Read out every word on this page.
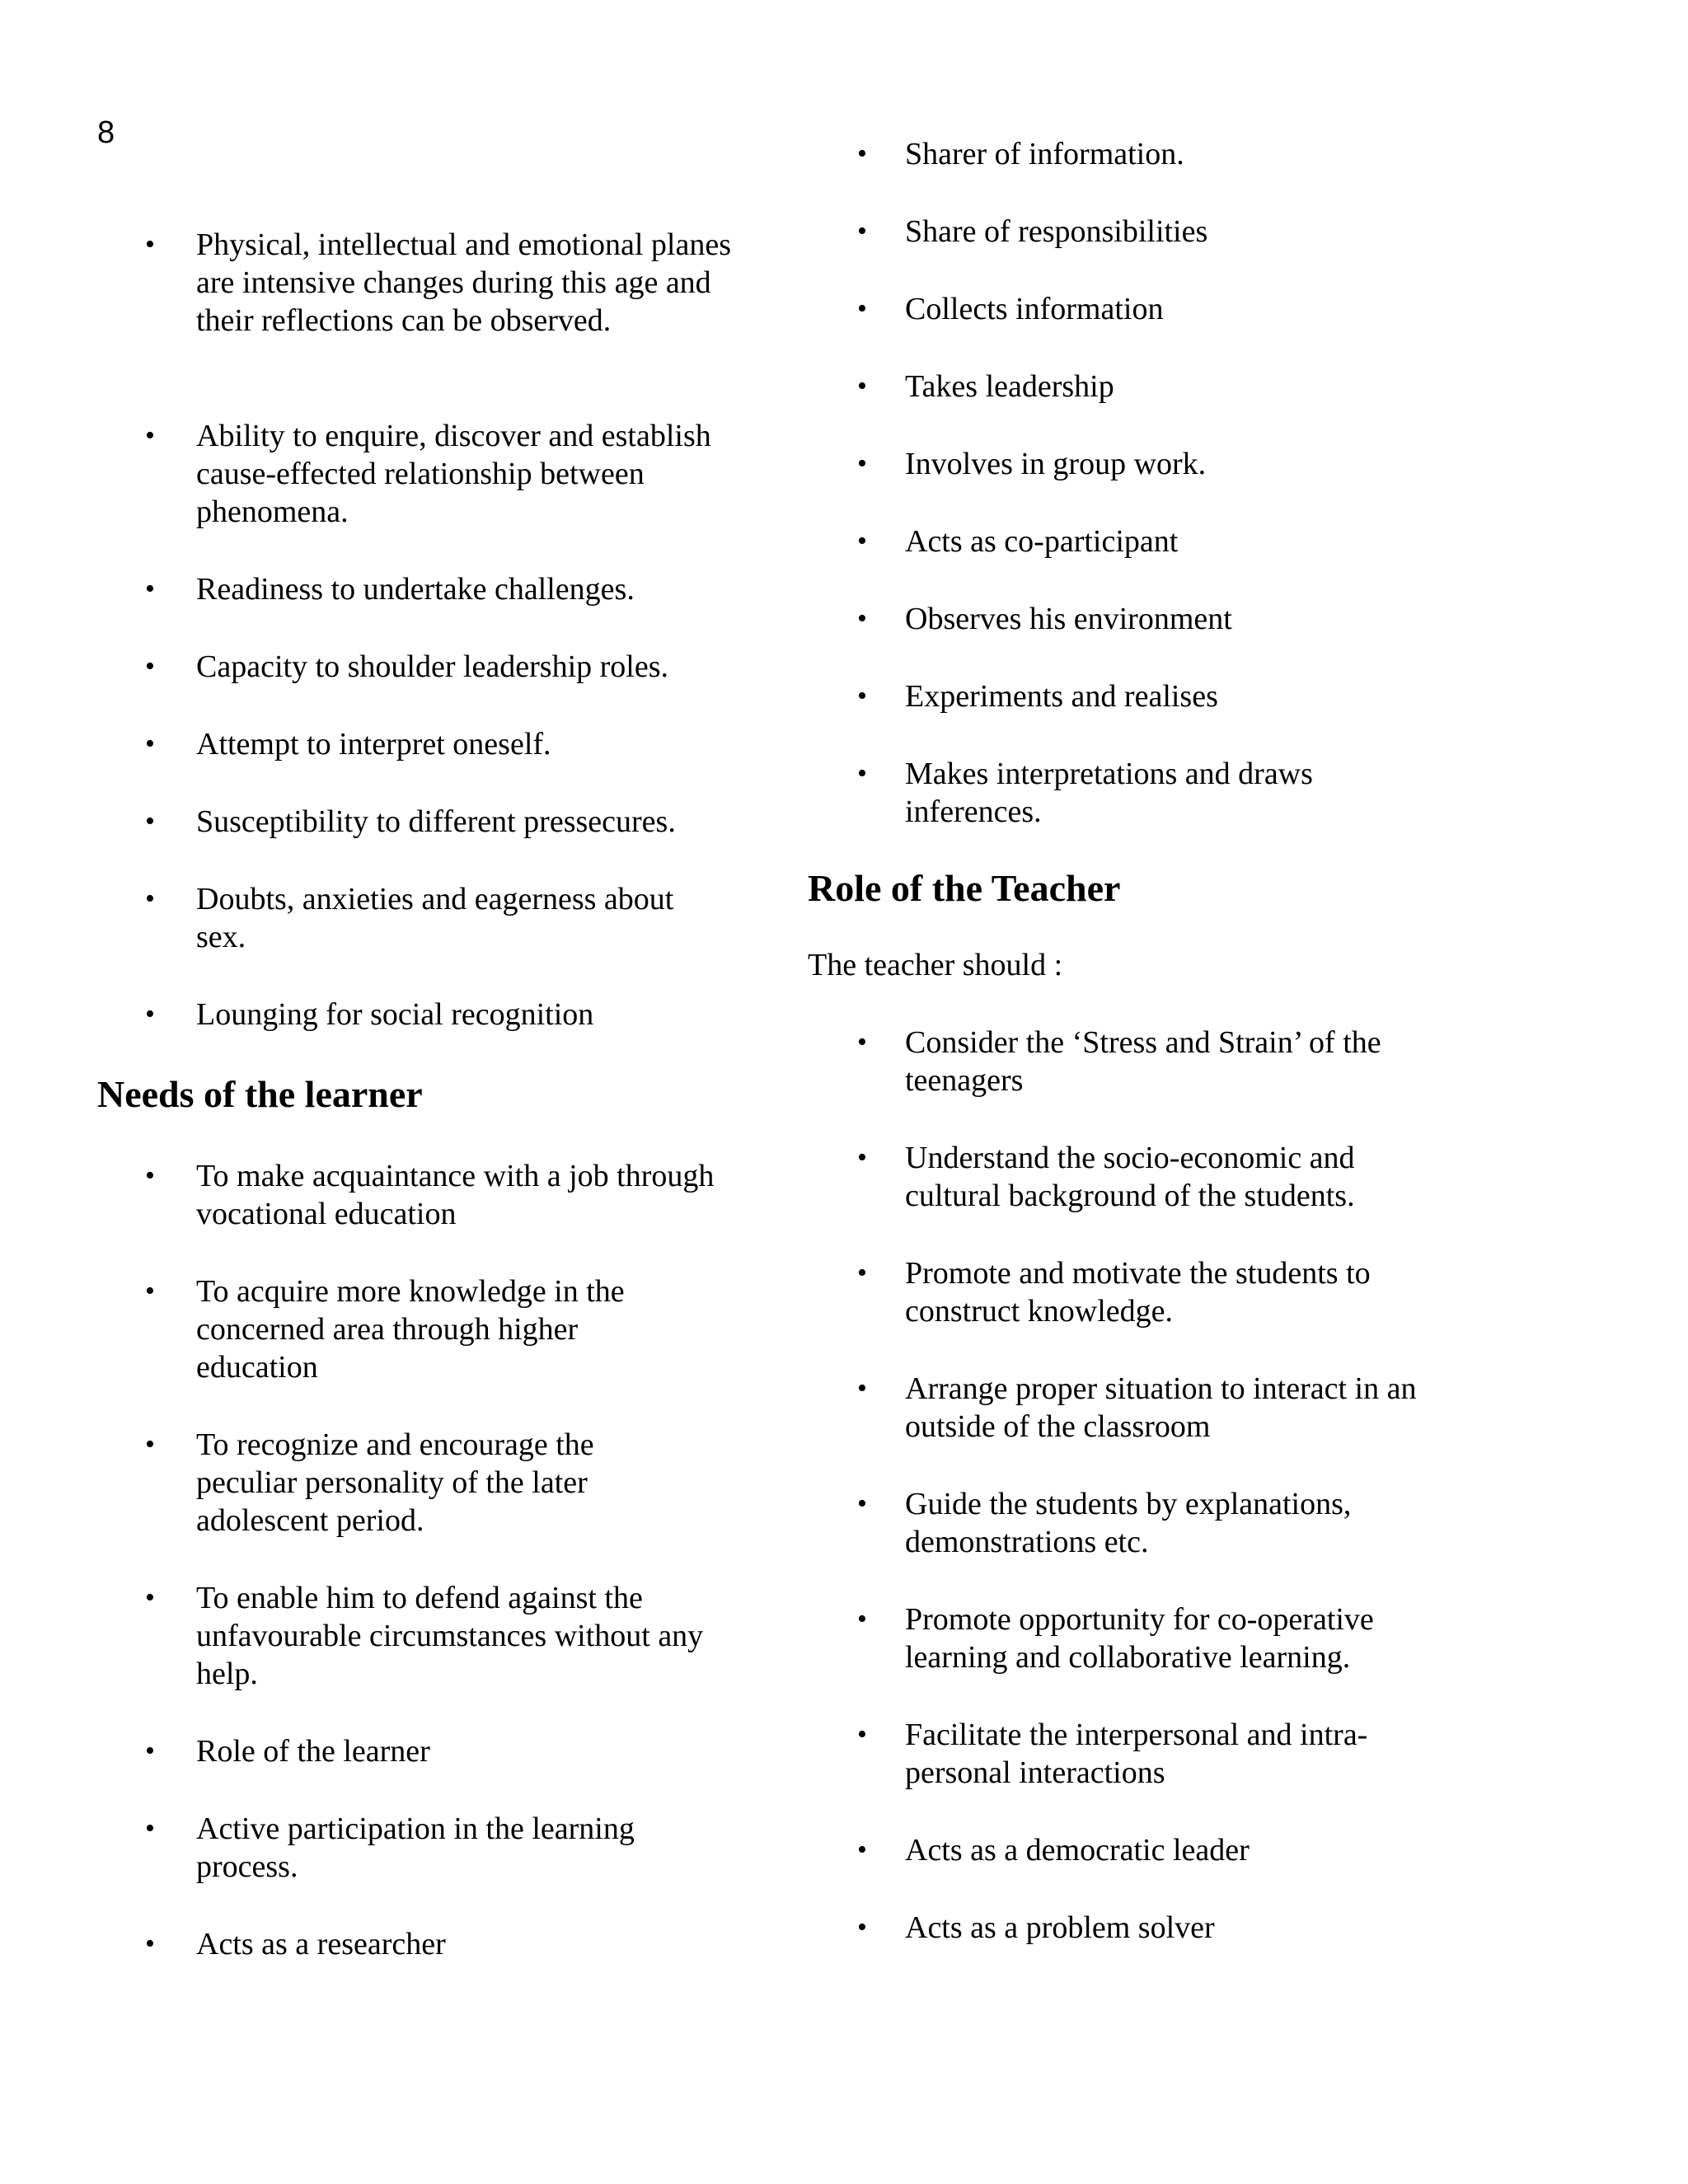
8
• Physical, intellectual and emotional planes are intensive changes during this age and their reflections can be observed.
• Ability to enquire, discover and establish cause-effected relationship between phenomena.
• Readiness to undertake challenges.
• Capacity to shoulder leadership roles.
• Attempt to interpret oneself.
• Susceptibility to different pressecures.
• Doubts, anxieties and eagerness about sex.
• Lounging for social recognition
Needs of the learner
• To make acquaintance with a job through vocational education
• To acquire more knowledge in the concerned area through higher education
• To recognize and encourage the peculiar personality of the later adolescent period.
• To enable him to defend against the unfavourable circumstances without any help.
• Role of the learner
• Active participation in the learning process.
• Acts as a researcher
• Sharer of information.
• Share of responsibilities
• Collects information
• Takes leadership
• Involves in group work.
• Acts as co-participant
• Observes his environment
• Experiments and realises
• Makes interpretations and draws inferences.
Role of the Teacher

The teacher should :

• Consider the ‘Stress and Strain’ of the teenagers
• Understand the socio-economic and cultural background of the students.
• Promote and motivate the students to construct knowledge.
• Arrange proper situation to interact in an outside of the classroom
• Guide the students by explanations, demonstrations etc.
• Promote opportunity for co-operative learning and collaborative learning.
• Facilitate the interpersonal and intra-personal interactions
• Acts as a democratic leader
• Acts as a problem solver
